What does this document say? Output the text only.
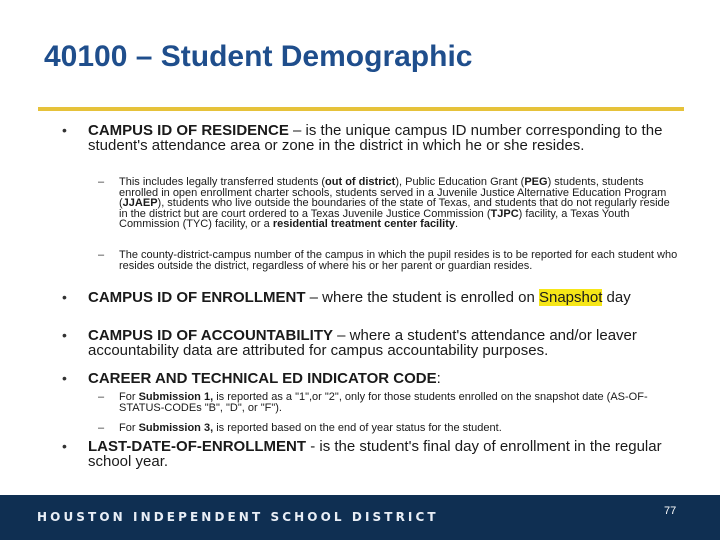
40100 – Student Demographic
• CAMPUS ID OF RESIDENCE – is the unique campus ID number corresponding to the student's attendance area or zone in the district in which he or she resides.
– This includes legally transferred students (out of district), Public Education Grant (PEG) students, students enrolled in open enrollment charter schools, students served in a Juvenile Justice Alternative Education Program (JJAEP), students who live outside the boundaries of the state of Texas, and students that do not regularly reside in the district but are court ordered to a Texas Juvenile Justice Commission (TJPC) facility, a Texas Youth Commission (TYC) facility, or a residential treatment center facility.
– The county-district-campus number of the campus in which the pupil resides is to be reported for each student who resides outside the district, regardless of where his or her parent or guardian resides.
• CAMPUS ID OF ENROLLMENT – where the student is enrolled on Snapshot day
• CAMPUS ID OF ACCOUNTABILITY – where a student's attendance and/or leaver accountability data are attributed for campus accountability purposes.
• CAREER AND TECHNICAL ED INDICATOR CODE:
– For Submission 1, is reported as a "1",or "2", only for those students enrolled on the snapshot date (AS-OF-STATUS-CODEs "B", "D", or "F").
– For Submission 3, is reported based on the end of year status for the student.
• LAST-DATE-OF-ENROLLMENT - is the student's final day of enrollment in the regular school year.
HOUSTON INDEPENDENT SCHOOL DISTRICT	77
